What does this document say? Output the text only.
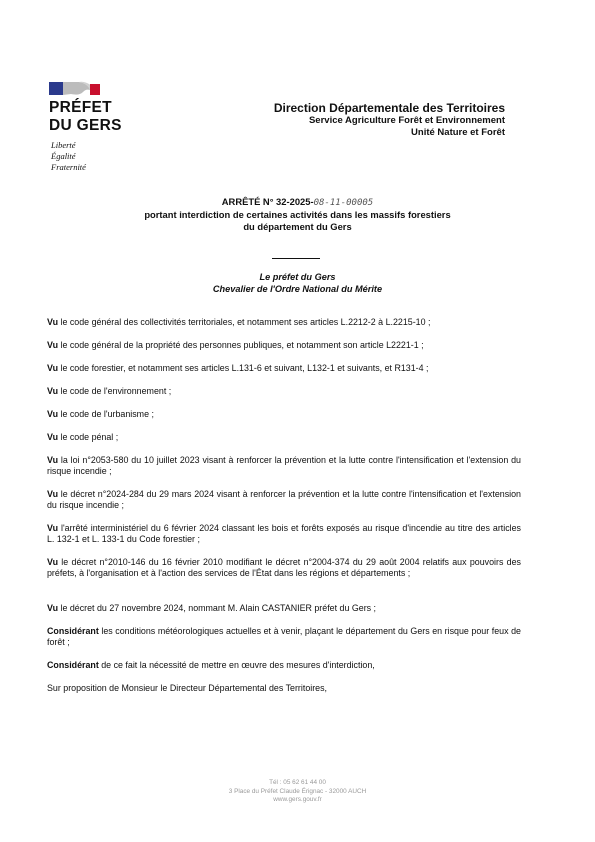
PRÉFET
DU GERS
Liberté
Égalité
Fraternité
Direction Départementale des Territoires
Service Agriculture Forêt et Environnement
Unité Nature et Forêt
ARRÊTÉ N° 32-2025-08-11-00005
portant interdiction de certaines activités dans les massifs forestiers
du département du Gers
Le préfet du Gers
Chevalier de l'Ordre National du Mérite
Vu le code général des collectivités territoriales, et notamment ses articles L.2212-2 à L.2215-10 ;
Vu le code général de la propriété des personnes publiques, et notamment son article L2221-1 ;
Vu le code forestier, et notamment ses articles L.131-6 et suivant, L132-1 et suivants, et R131-4 ;
Vu le code de l'environnement ;
Vu le code de l'urbanisme ;
Vu le code pénal ;
Vu la loi n°2053-580 du 10 juillet 2023 visant à renforcer la prévention et la lutte contre l'intensification et l'extension du risque incendie ;
Vu le décret n°2024-284 du 29 mars 2024 visant à renforcer la prévention et la lutte contre l'intensification et l'extension du risque incendie ;
Vu l'arrêté interministériel du 6 février 2024 classant les bois et forêts exposés au risque d'incendie au titre des articles L. 132-1 et L. 133-1 du Code forestier ;
Vu le décret n°2010-146 du 16 février 2010 modifiant le décret n°2004-374 du 29 août 2004 relatifs aux pouvoirs des préfets, à l'organisation et à l'action des services de l'État dans les régions et départements ;
Vu le décret du 27 novembre 2024, nommant M. Alain CASTANIER préfet du Gers ;
Considérant les conditions météorologiques actuelles et à venir, plaçant le département du Gers en risque pour feux de forêt ;
Considérant de ce fait la nécessité de mettre en œuvre des mesures d'interdiction,
Sur proposition de Monsieur le Directeur Départemental des Territoires,
Tél : 05 62 61 44 00
3 Place du Préfet Claude Érignac - 32000 AUCH
www.gers.gouv.fr
